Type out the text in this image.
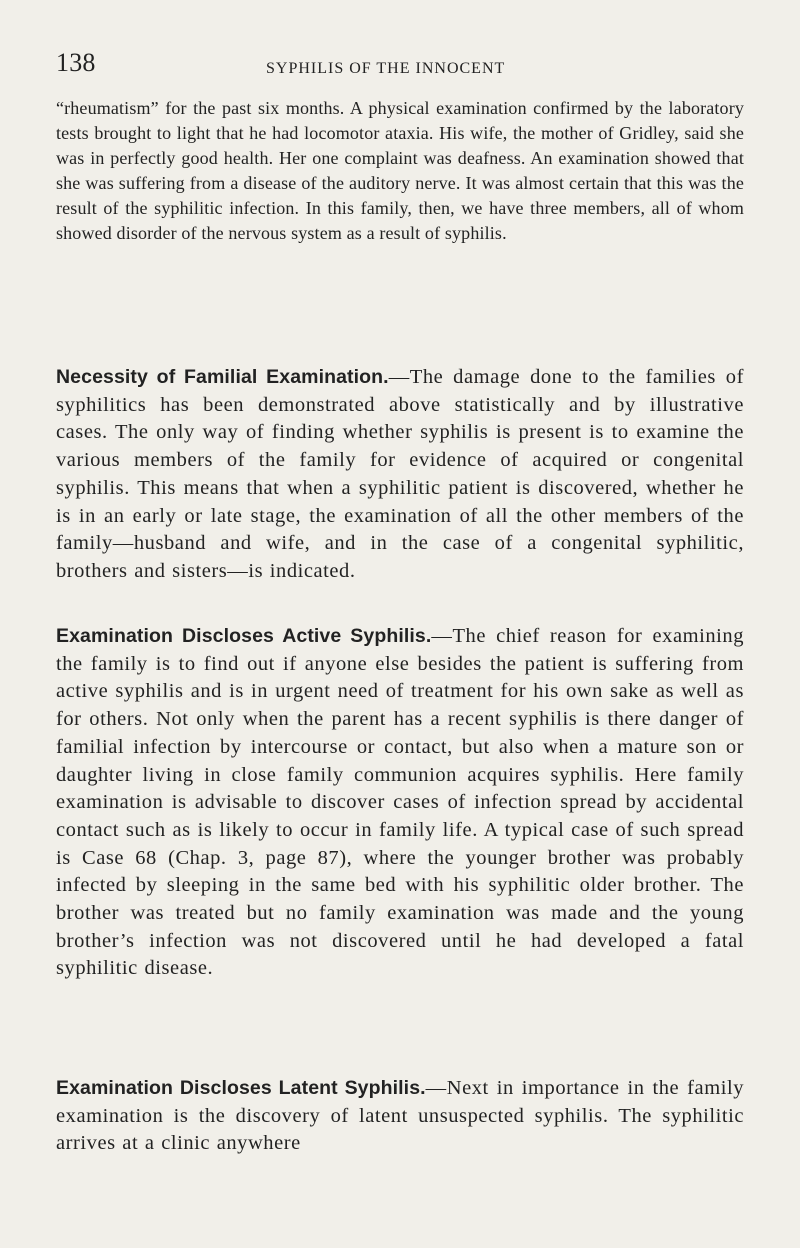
138	SYPHILIS OF THE INNOCENT

“rheumatism” for the past six months. A physical examination confirmed by the laboratory tests brought to light that he had locomotor ataxia. His wife, the mother of Gridley, said she was in perfectly good health. Her one complaint was deafness. An examination showed that she was suffering from a disease of the auditory nerve. It was almost certain that this was the result of the syphilitic infection. In this family, then, we have three members, all of whom showed disorder of the nervous system as a result of syphilis.

Necessity of Familial Examination.—The damage done to the families of syphilitics has been demonstrated above statistically and by illustrative cases. The only way of finding whether syphilis is present is to examine the various members of the family for evidence of acquired or congenital syphilis. This means that when a syphilitic patient is discovered, whether he is in an early or late stage, the examination of all the other members of the family—husband and wife, and in the case of a congenital syphilitic, brothers and sisters—is indicated.

Examination Discloses Active Syphilis.—The chief reason for examining the family is to find out if anyone else besides the patient is suffering from active syphilis and is in urgent need of treatment for his own sake as well as for others. Not only when the parent has a recent syphilis is there danger of familial infection by intercourse or contact, but also when a mature son or daughter living in close family communion acquires syphilis. Here family examination is advisable to discover cases of infection spread by accidental contact such as is likely to occur in family life. A typical case of such spread is Case 68 (Chap. 3, page 87), where the younger brother was probably infected by sleeping in the same bed with his syphilitic older brother. The brother was treated but no family examination was made and the young brother’s infection was not discovered until he had developed a fatal syphilitic disease.

Examination Discloses Latent Syphilis.—Next in importance in the family examination is the discovery of latent unsuspected syphilis. The syphilitic arrives at a clinic anywhere
